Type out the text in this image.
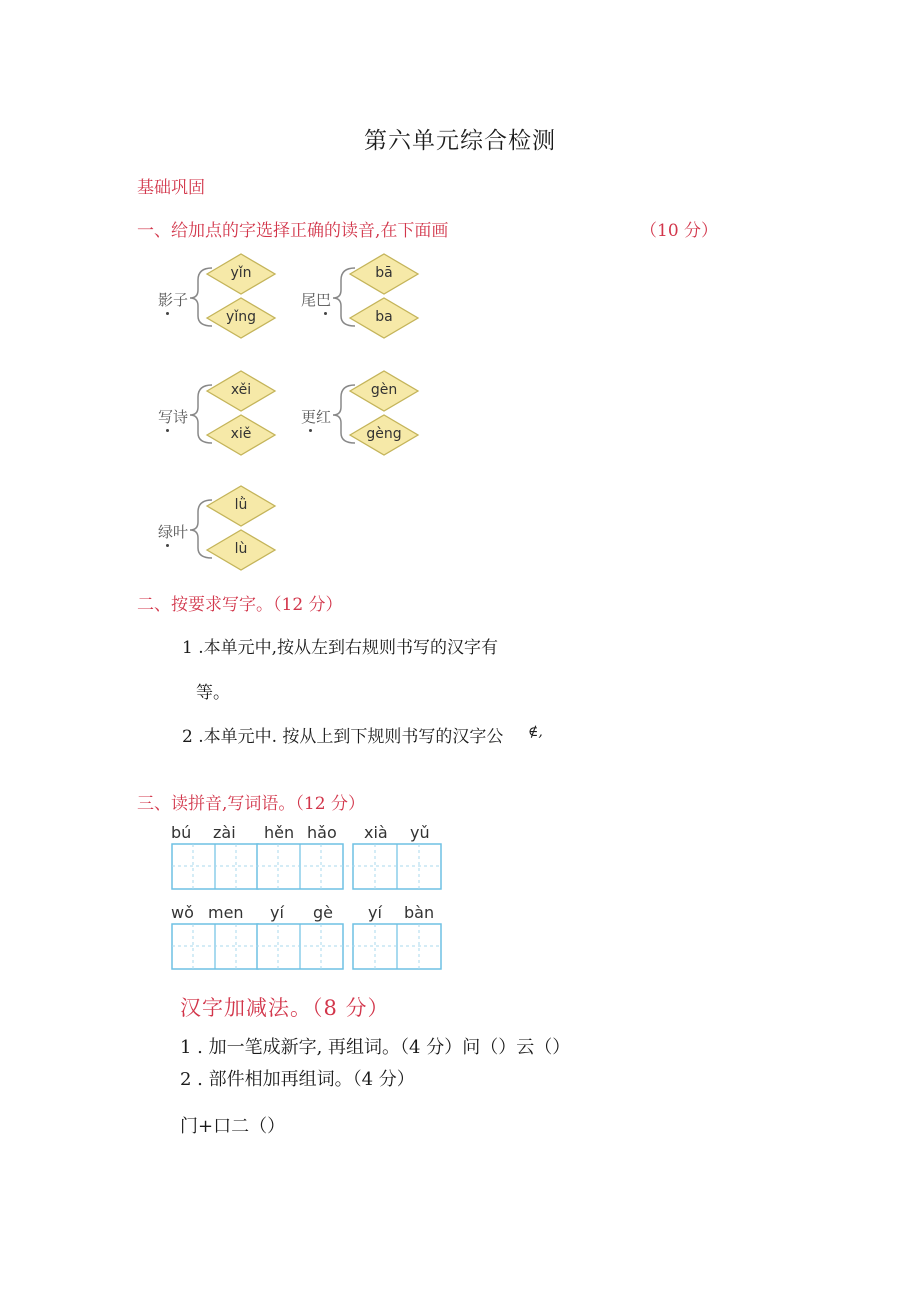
第六单元综合检测
基础巩固
一、给加点的字选择正确的读音,在下面画	（10 分）
影子	尾巴
写诗	更红
绿叶
yǐn
yǐng
bā
ba
xěi
xiě
gèn
gèng
lǜ
lù
二、按要求写字。（12 分）
1 .本单元中,按从左到右规则书写的汉字有
等。
2 .本单元中. 按从上到下规则书写的汉字公 ∉,
三、读拼音,写词语。（12 分）
bú zài hěn hǎo xià yǔ
wǒ men yí gè yí bàn
汉字加减法。（8 分）
1 . 加一笔成新字, 再组词。（4 分）问（）云（）
2 . 部件相加再组词。（4 分）
门+口二（）
